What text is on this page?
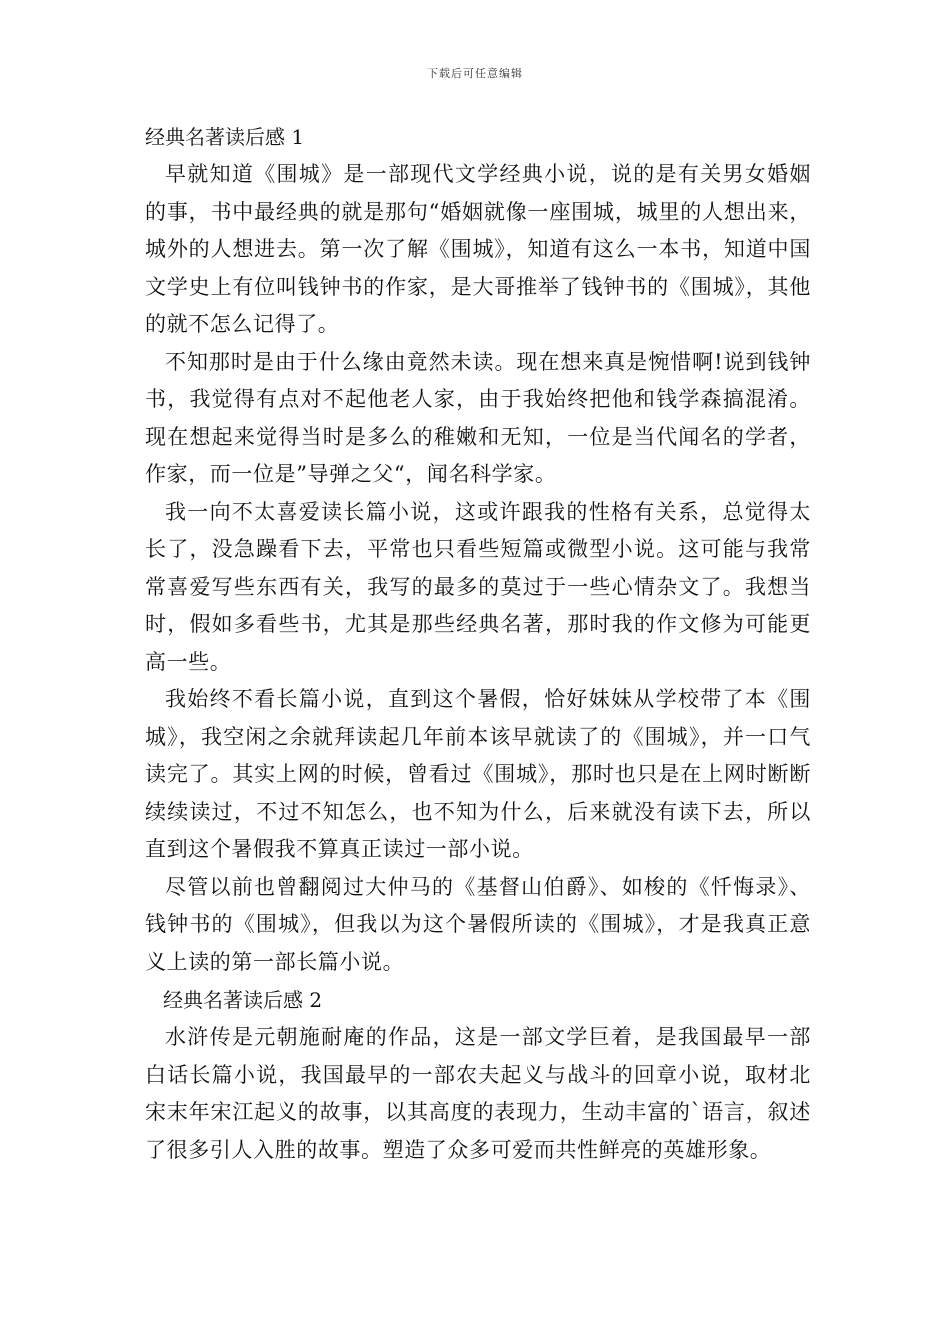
下载后可任意编辑

经典名著读后感 1

早就知道《围城》是一部现代文学经典小说，说的是有关男女婚姻的事，书中最经典的就是那句“婚姻就像一座围城，城里的人想出来，城外的人想进去。第一次了解《围城》，知道有这么一本书，知道中国文学史上有位叫钱钟书的作家，是大哥推举了钱钟书的《围城》，其他的就不怎么记得了。

不知那时是由于什么缘由竟然未读。现在想来真是惋惜啊!说到钱钟书，我觉得有点对不起他老人家，由于我始终把他和钱学森搞混淆。现在想起来觉得当时是多么的稚嫩和无知，一位是当代闻名的学者，作家，而一位是”导弹之父“，闻名科学家。

我一向不太喜爱读长篇小说，这或许跟我的性格有关系，总觉得太长了，没急躁看下去，平常也只看些短篇或微型小说。这可能与我常常喜爱写些东西有关，我写的最多的莫过于一些心情杂文了。我想当时，假如多看些书，尤其是那些经典名著，那时我的作文修为可能更高一些。

我始终不看长篇小说，直到这个暑假，恰好妹妹从学校带了本《围城》，我空闲之余就拜读起几年前本该早就读了的《围城》，并一口气读完了。其实上网的时候，曾看过《围城》，那时也只是在上网时断断续续读过，不过不知怎么，也不知为什么，后来就没有读下去，所以直到这个暑假我不算真正读过一部小说。

尽管以前也曾翻阅过大仲马的《基督山伯爵》、如梭的《忏悔录》、钱钟书的《围城》，但我以为这个暑假所读的《围城》，才是我真正意义上读的第一部长篇小说。

经典名著读后感 2

水浒传是元朝施耐庵的作品，这是一部文学巨着，是我国最早一部白话长篇小说，我国最早的一部农夫起义与战斗的回章小说，取材北宋末年宋江起义的故事，以其高度的表现力，生动丰富的`语言，叙述了很多引人入胜的故事。塑造了众多可爱而共性鲜亮的英雄形象。
